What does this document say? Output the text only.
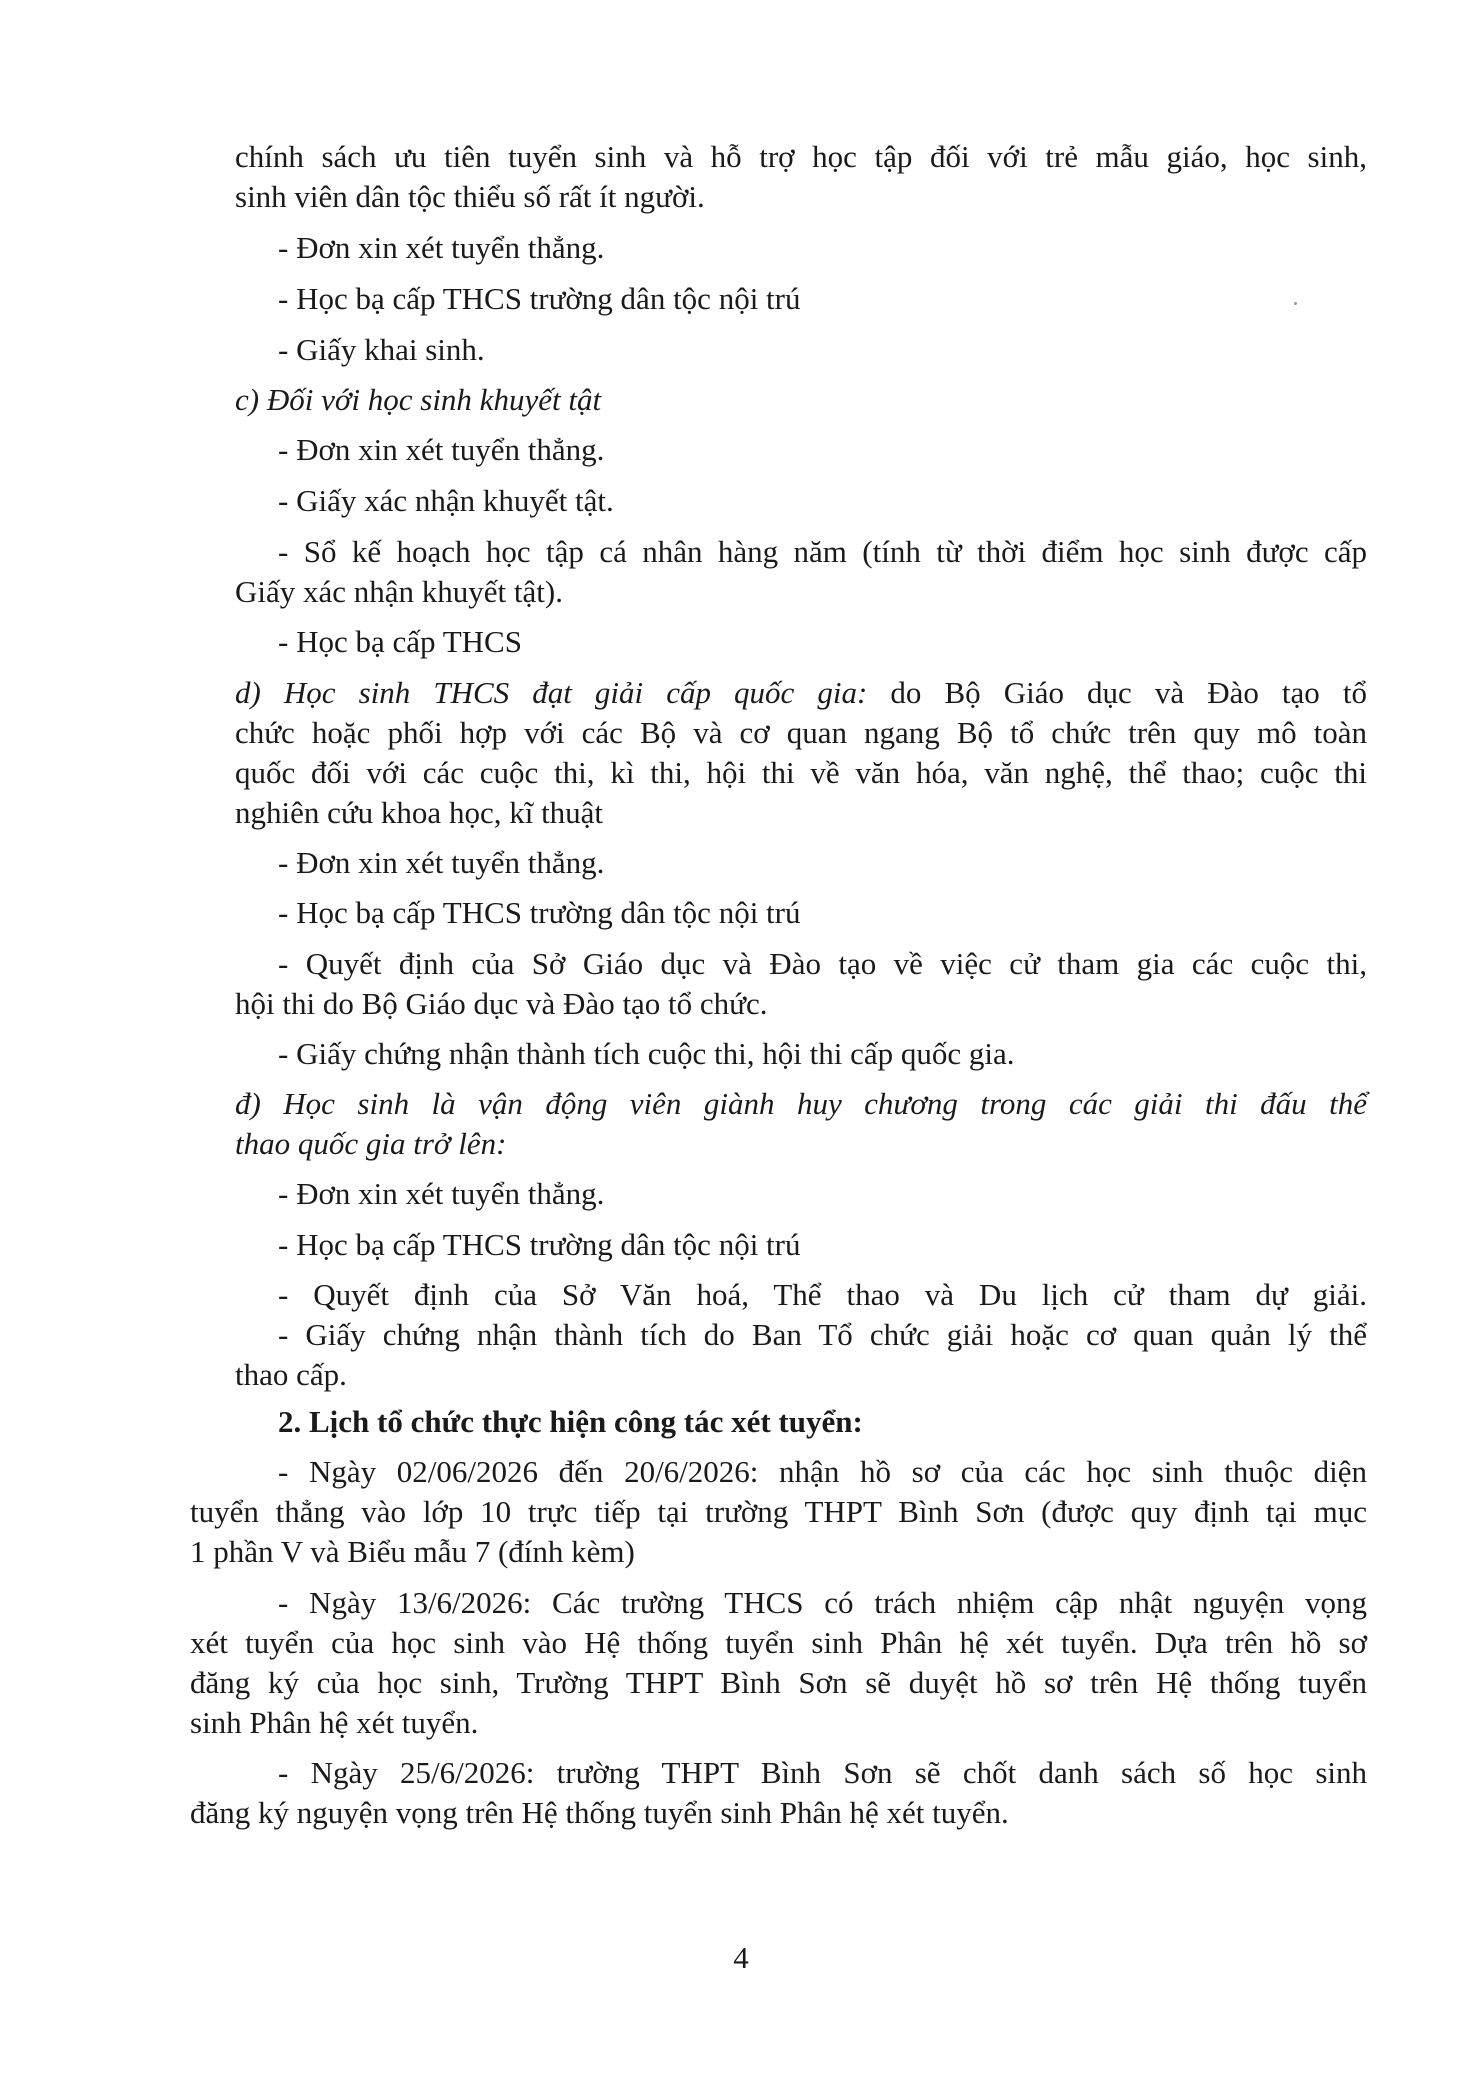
chính sách ưu tiên tuyển sinh và hỗ trợ học tập đối với trẻ mẫu giáo, học sinh,
sinh viên dân tộc thiểu số rất ít người.
- Đơn xin xét tuyển thẳng.
- Học bạ cấp THCS trường dân tộc nội trú
- Giấy khai sinh.
c) Đối với học sinh khuyết tật
- Đơn xin xét tuyển thẳng.
- Giấy xác nhận khuyết tật.
- Sổ kế hoạch học tập cá nhân hàng năm (tính từ thời điểm học sinh được cấp
Giấy xác nhận khuyết tật).
- Học bạ cấp THCS
d) Học sinh THCS đạt giải cấp quốc gia: do Bộ Giáo dục và Đào tạo tổ
chức hoặc phối hợp với các Bộ và cơ quan ngang Bộ tổ chức trên quy mô toàn
quốc đối với các cuộc thi, kì thi, hội thi về văn hóa, văn nghệ, thể thao; cuộc thi
nghiên cứu khoa học, kĩ thuật
- Đơn xin xét tuyển thẳng.
- Học bạ cấp THCS trường dân tộc nội trú
- Quyết định của Sở Giáo dục và Đào tạo về việc cử tham gia các cuộc thi,
hội thi do Bộ Giáo dục và Đào tạo tổ chức.
- Giấy chứng nhận thành tích cuộc thi, hội thi cấp quốc gia.
đ) Học sinh là vận động viên giành huy chương trong các giải thi đấu thể
thao quốc gia trở lên:
- Đơn xin xét tuyển thẳng.
- Học bạ cấp THCS trường dân tộc nội trú
- Quyết định của Sở Văn hoá, Thể thao và Du lịch cử tham dự giải.
- Giấy chứng nhận thành tích do Ban Tổ chức giải hoặc cơ quan quản lý thể
thao cấp.
2. Lịch tổ chức thực hiện công tác xét tuyển:
- Ngày 02/06/2026 đến 20/6/2026: nhận hồ sơ của các học sinh thuộc diện
tuyển thẳng vào lớp 10 trực tiếp tại trường THPT Bình Sơn (được quy định tại mục
1 phần V và Biểu mẫu 7 (đính kèm)
- Ngày 13/6/2026: Các trường THCS có trách nhiệm cập nhật nguyện vọng
xét tuyển của học sinh vào Hệ thống tuyển sinh Phân hệ xét tuyển. Dựa trên hồ sơ
đăng ký của học sinh, Trường THPT Bình Sơn sẽ duyệt hồ sơ trên Hệ thống tuyển
sinh Phân hệ xét tuyển.
- Ngày 25/6/2026: trường THPT Bình Sơn sẽ chốt danh sách số học sinh
đăng ký nguyện vọng trên Hệ thống tuyển sinh Phân hệ xét tuyển.
4
